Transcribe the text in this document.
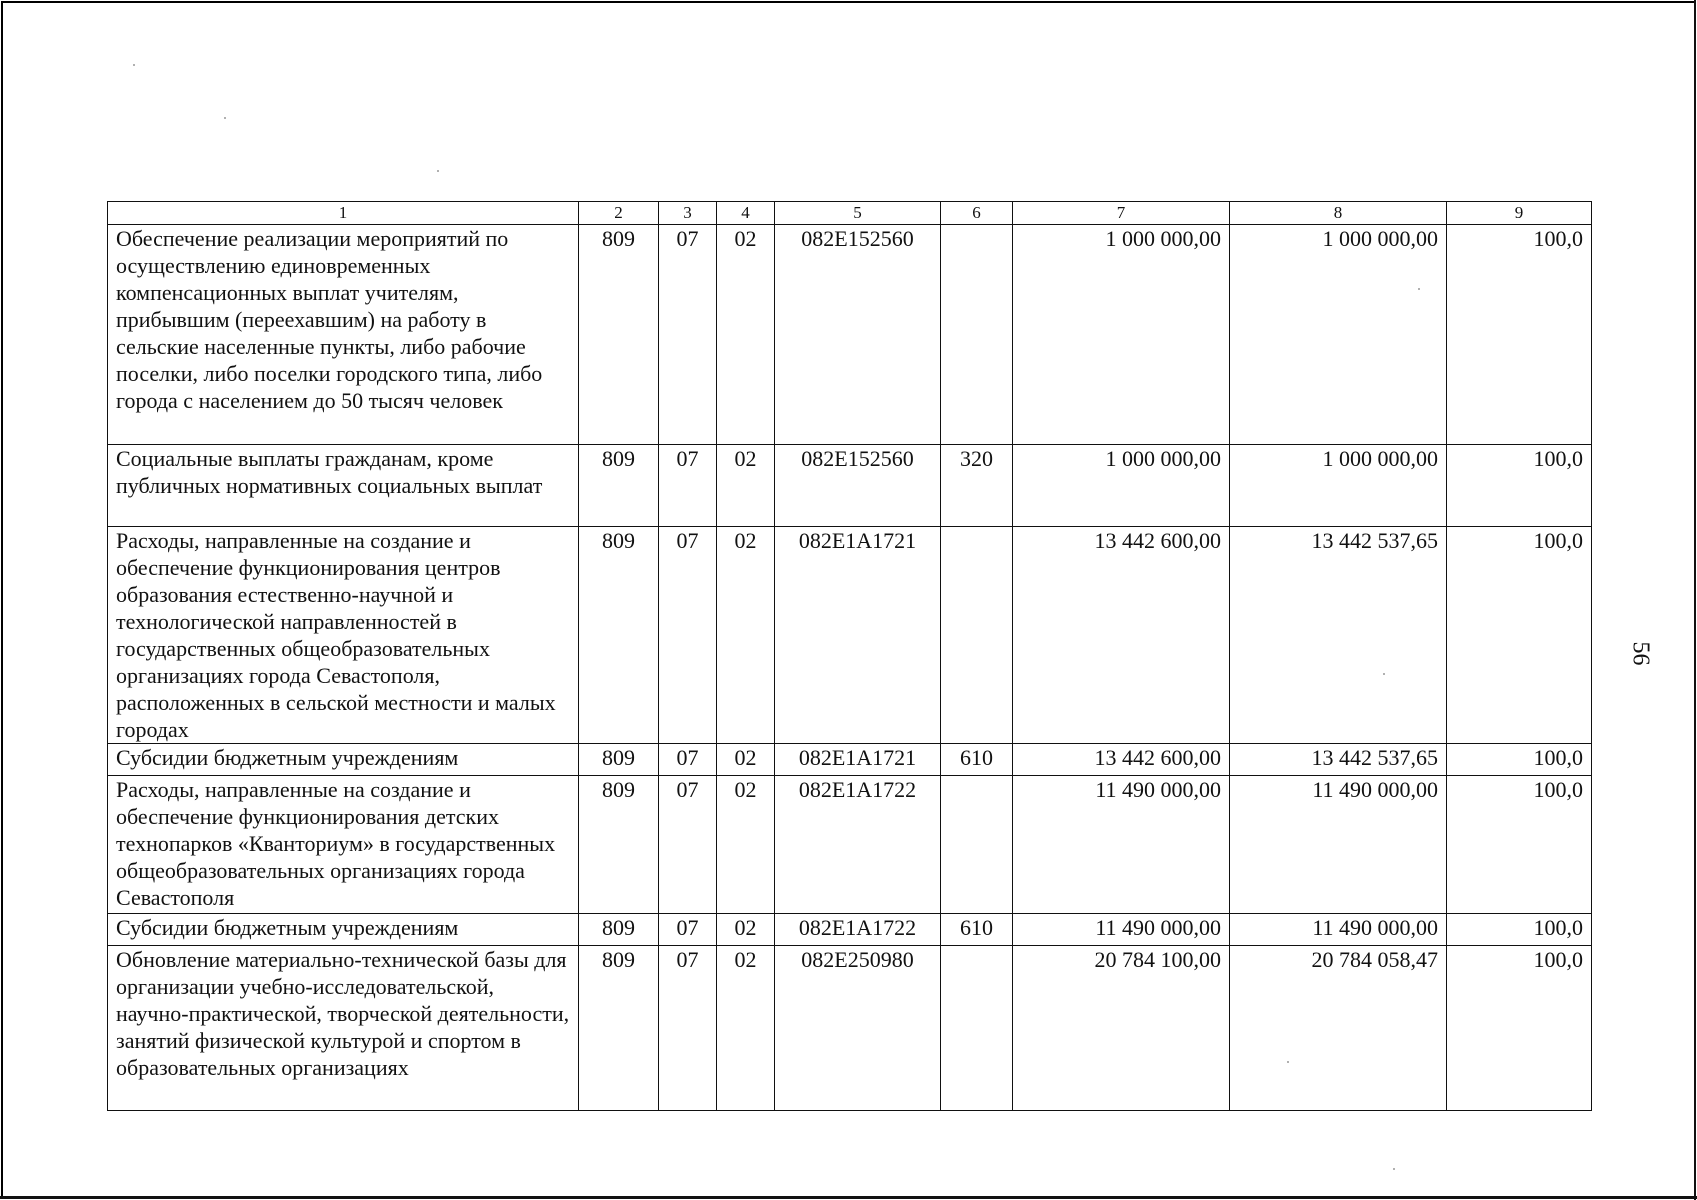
56
1	2	3	4	5	6	7	8	9
Обеспечение реализации мероприятий по осуществлению единовременных компенсационных выплат учителям, прибывшим (переехавшим) на работу в сельские населенные пункты, либо рабочие поселки, либо поселки городского типа, либо города с населением до 50 тысяч человек	809	07	02	082E152560		1 000 000,00	1 000 000,00	100,0
Социальные выплаты гражданам, кроме публичных нормативных социальных выплат	809	07	02	082E152560	320	1 000 000,00	1 000 000,00	100,0
Расходы, направленные на создание и обеспечение функционирования центров образования естественно-научной и технологической направленностей в государственных общеобразовательных организациях города Севастополя, расположенных в сельской местности и малых городах	809	07	02	082E1A1721		13 442 600,00	13 442 537,65	100,0
Субсидии бюджетным учреждениям	809	07	02	082E1A1721	610	13 442 600,00	13 442 537,65	100,0
Расходы, направленные на создание и обеспечение функционирования детских технопарков «Кванториум» в государственных общеобразовательных организациях города Севастополя	809	07	02	082E1A1722		11 490 000,00	11 490 000,00	100,0
Субсидии бюджетным учреждениям	809	07	02	082E1A1722	610	11 490 000,00	11 490 000,00	100,0
Обновление материально-технической базы для организации учебно-исследовательской, научно-практической, творческой деятельности, занятий физической культурой и спортом в образовательных организациях	809	07	02	082E250980		20 784 100,00	20 784 058,47	100,0
